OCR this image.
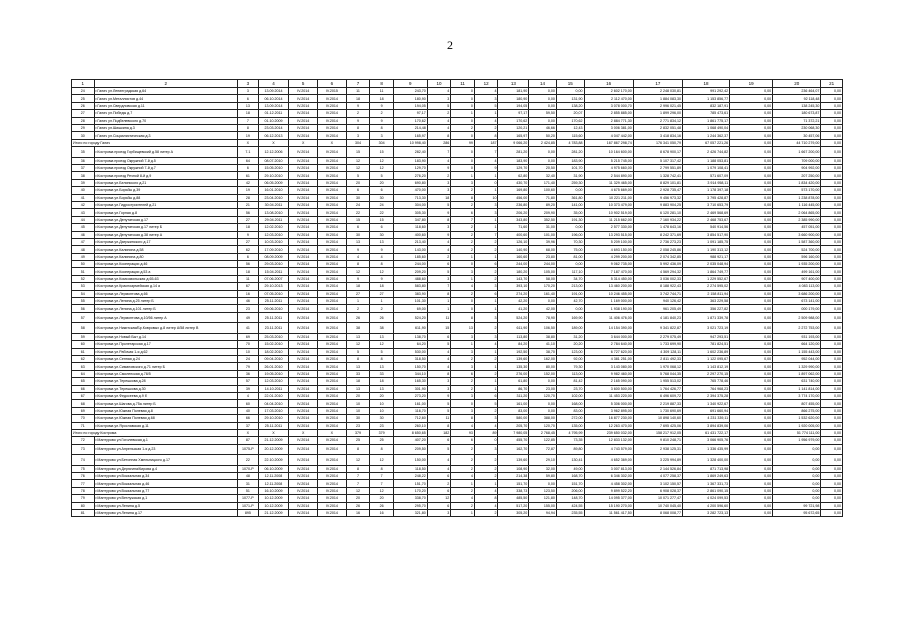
2
1	2	3	4	5	6	7	8	9	10	11	12	13	14	15	16	17	18	19	20	21
24	г.Галич ул.Ленинградская д.64	3	13.09.2014	IV.2014	IV.2015	11	11	243,70	4	0	4	181,90	0,00	0,00	2 602 170,00	2 248 030,81	991 292,42	0,00	236 464,07	0,00
25	г.Галич ул.Металлистов д.44	6	06.10.2014	IV.2014	IV.2014	18	18	180,90	3	0	3	180,90	0,00	131,90	2 112 470,00	1 884 083,30	1 153 856,77	0,00	92 118,48	0,00
26	г.Галич ул.Свердловская д.11	13	13.09.2014	IV.2014	IV.2014	9	9	194,05	5	0	5	194,05	0,00	138,20	3 078 000,70	2 996 021,45	832 187,91	0,00	138 245,30	0,00
27	г.Галич ул.Победы д.7	18	01.12.2011	IV.2014	IV.2014	2	2	97,17	2	1	1	97,17	59,50	20,07	2 855 885,00	1 899 296,00	785 473,61	0,00	180 673,87	0,00
28	г.Галич ул.Подбелевского д.70	7	01.10.2009	IV.2014	IV.2014	9	9	170,62	4	0	4	170,62	0,00	170,62	2 884 771,30	2 771 834,12	1 861 775,17	0,00	71 372,21	0,00
29	г.Галич ул.Шишкина д.3	8	23.03.2014	IV.2014	IV.2014	8	8	214,48	4	2	2	120,21	46,66	12,43	3 006 381,00	2 832 051,48	1 068 490,04	0,00	230 068,30	0,00
30	г.Галич ул.Социалистическая д.3	19	06.12.2013	IV.2014	IV.2014	3	3	165,97	8	0	8	165,97	50,20	115,60	4 047 442,00	3 418 834,16	1 244 362,37	0,00	30 457,06	0,00
Итого по городу Галич		X	X	X	X	304	304	10 998,40	286	99	187	9 066,20	2 424,85	4 783,88	167 867 298,74	176 341 050,79	67 057 221,26	0,00	44 710 279,00	0,00
35	г.Кострома проезд Горбищевский д.58 литер А	7.1	12.12.2006	IV.2014	IV.2014	15	15	282,40	7	0	7	281,20	0,00	281,20	10 164 600,00	8 678 900,17	2 426 744,82	0,00	1 667 200,00	0,00
36	г.Кострома проезд Окружной 7-й д.5	64	08.07.2010	IV.2014	IV.2014	12	12	183,90	4	0	4	183,90	0,00	183,90	5 215 745,00	5 107 317,42	1 188 053,81	0,00	709 000,00	0,00
37	г.Кострома проезд Окружной 7-й д.7	6	15.05.2010	IV.2014	IV.2014	12	12	129,70	9	0	9	129,70	20,50	101,70	4 975 660,00	2 799 551,89	1 079 108,41	0,00	904 992,00	0,00
38	г.Кострома проезд Речной 8-й д.9	61	29.10.2010	IV.2014	IV.2014	5	5	276,20	2	1	1	62,80	32,40	31,90	2 544 890,00	1 328 742,41	571 607,09	0,00	207 250,00	0,00
39	г.Кострома ул.Белинского д.21	42	06.05.2009	IV.2014	IV.2014	20	20	690,80	3	3	0	430,70	171,40	259,30	11 329 465,00	8 829 101,81	3 914 958,11	0,00	1 834 420,00	0,00
40	г.Кострома ул.Борьбы д.39	19	16.01.2010	IV.2014	IV.2014	6	6	470,00	3	2	1	169,80	100,60	0,00	4 675 669,00	2 928 735,47	1 178 397,18	0,00	573 170,00	0,00
41	г.Кострома ул.Борьбы д.88	28	23.04.2010	IV.2014	IV.2014	30	30	713,30	18	8	10	456,00	71,80	361,80	10 221 211,00	9 456 973,32	3 795 428,87	0,00	1 238 878,00	0,00
42	г.Кострома ул.Гидростроителей д.21	21	30.04.2011	IV.2014	IV.2014	24	24	304,00	5	2	3	236,80	89,20	141,00	10 373 479,00	9 883 904,25	3 710 653,79	0,00	1 116 445,00	0,00
43	г.Кострома ул.Горная д.8	56	13.08.2010	IV.2014	IV.2014	22	22	305,30	9	6	3	206,20	209,90	35,00	10 902 519,00	6 120 281,10	2 469 568,69	0,00	2 064 865,00	0,00
44	г.Кострома ул.Депутатская д.17	27	29.04.2011	IV.2014	IV.2014	15	15	347,80	8	7	1	343,80	352,50	191,30	11 215 662,00	7 160 934,22	2 468 753,67	0,00	2 385 990,00	0,00
45	г.Кострома ул.Депутатская д.17 литер Б	18	12.02.2010	IV.2014	IV.2014	6	6	118,60	3	2	1	71,60	31,00	0,00	2 577 330,00	1 478 643,16	540 914,56	0,00	457 051,00	0,00
46	г.Кострома ул.Депутатская д.38 литер А	9	12.03.2010	IV.2014	IV.2014	30	30	400,60	9	2	7	400,60	101,00	196,00	13 293 515,00	8 242 371,69	3 854 517,90	0,00	3 660 900,00	0,00
47	г.Кострома ул.Дзержинского д.17	27	10.03.2010	IV.2014	IV.2014	13	13	213,40	4	2	2	126,10	39,96	70,30	5 209 100,00	2 736 273,23	1 091 185,75	0,00	1 587 360,00	0,00
48	г.Кострома ул.Калинина д.58	62	17.09.2010	IV.2014	IV.2014	9	9	143,00	4	2	2	140,90	68,00	75,00	4 693 150,00	2 058 245,86	1 190 313,12	0,00	524 700,00	0,00
49	г.Кострома ул.Калинина д.80	6	08.09.2009	IV.2014	IV.2014	4	4	185,60	2	1	1	160,60	23,80	81,00	4 299 200,00	2 074 342,85	988 921,17	0,00	596 160,00	0,00
50	г.Кострома ул.Кооперации д.46	56	29.03.2010	IV.2014	IV.2014	8	8	244,00	6	0	6	244,00	244,00	0,00	9 062 735,00	5 992 436,09	2 035 048,94	0,00	1 935 200,00	0,00
51	г.Кострома ул.Кооперации д.53 а	18	15.04.2011	IV.2014	IV.2014	12	12	209,20	5	3	2	180,20	105,00	117,10	7 187 470,00	4 569 294,32	1 864 749,77	0,00	499 161,00	0,00
52	г.Кострома ул.Комсомольская д.65-63	11	07.06.2007	IV.2014	IV.2014	9	9	488,60	3	1	2	143,70	58,00	34,70	5 314 450,00	3 036 002,33	1 229 552,67	0,00	907 400,00	0,00
53	г.Кострома ул.Красноармейская д.14 а	67	29.10.2013	IV.2014	IV.2014	18	18	583,80	7	4	3	393,10	170,20	213,00	13 460 200,00	8 188 922,43	2 274 595,02	0,00	4 083 113,00	0,00
54	г.Кострома ул.Лермонтова д.66	16	07.05.2010	IV.2014	IV.2014	27	27	383,90	8	2	6	274,20	161,40	191,00	10 246 455,00	3 742 744,71	2 158 811,94	0,00	3 686 200,00	0,00
55	г.Кострома ул.Ленина д.25 литер Б	46	25.11.2011	IV.2014	IV.2014	1	1	101,30	1	0	1	42,20	0,00	42,70	1 169 000,00	940 126,42	363 229,58	0,00	673 141,00	0,00
56	г.Кострома ул.Ленина д.101 литер Б	23	09.06.2010	IV.2014	IV.2014	2	2	69,00	1	0	1	41,20	42,00	0,00	1 938 190,00	961 205,49	356 227,82	0,00	000 179,00	0,00
57	г.Кострома ул.Лермонтова д.10/56 литер А	49	25.11.2011	IV.2014	IV.2014	26	26	524,20	11	8	3	524,20	78,90	169,90	11 406 476,00	4 181 840,23	1 871 339,78	0,00	2 509 988,00	0,00
58	г.Кострома ул.Никитская/Бр.Ковровых д.8 литер А/58 литер В	41	23.11.2011	IV.2014	IV.2014	38	38	611,90	15	13	2	611,90	106,50	189,00	14 154 390,00	9 341 822,87	3 021 723,19	0,00	2 272 753,00	0,00
59	г.Кострома ул.Новый Быт д.14	69	25.03.2010	IV.2014	IV.2014	13	13	138,70	6	3	3	113,80	38,80	31,20	3 644 000,00	2 279 075,49	947 293,51	0,00	931 193,00	0,00
60	г.Кострома ул.Пролетарская д.17	70	15.02.2010	IV.2014	IV.2014	12	12	64,20	5	1	4	84,20	41,10	20,20	2 784 640,00	1 733 699,90	781 824,51	0,00	664 120,00	0,00
61	г.Кострома ул.Рабочая 1-я д.62	10	18.02.2010	IV.2014	IV.2014	5	5	530,00	4	3	1	192,50	38,70	123,00	6 727 620,00	4 309 128,11	1 602 236,89	0,00	1 155 443,00	0,00
62	г.Кострома ул.Сенная д.24	24	09.04.2010	IV.2014	IV.2014	8	8	318,50	4	2	2	139,60	162,00	92,00	4 381 251,00	2 811 492,33	1 122 095,67	0,00	952 044,00	0,00
63	г.Кострома ул.Симановского д.71 литер Б	79	26.01.2010	IV.2014	IV.2014	13	13	150,70	4	3	1	135,30	80,00	79,30	3 143 080,00	1 970 068,12	1 143 812,19	0,00	1 329 990,00	0,00
64	г.Кострома ул.Смоленская д.78/5	36	19.05.2010	IV.2014	IV.2014	33	33	344,10	8	6	2	276,00	152,00	113,00	9 982 460,00	5 768 044,35	2 297 270,15	0,00	1 897 062,00	0,00
65	г.Кострома ул.Терешкова д.28	57	12.03.2010	IV.2014	IV.2014	18	18	165,30	3	2	1	61,80	0,00	81,42	2 165 090,00	1 955 513,02	765 778,46	0,00	631 740,00	0,00
66	г.Кострома ул.Терешкова д.30	39	14.10.2011	IV.2014	IV.2014	13	13	301,90	3	2	1	86,70	23,00	23,70	3 600 500,00	1 764 426,77	764 968,23	0,00	1 141 814,00	0,00
67	г.Кострома ул.Федосеева д.9 б	4	22.01.2010	IV.2014	IV.2014	20	20	273,20	9	3	6	311,20	120,70	102,00	11 453 220,00	6 496 609,72	2 394 375,28	0,00	3 774 170,00	0,00
68	г.Кострома ул.Шагова д.75а литер Б	60	04.04.2010	IV.2014	IV.2014	10	10	161,00	5	0	5	161,00	0,00	168,00	5 306 000,00	2 219 887,33	1 340 922,67	0,00	807 455,00	0,00
69	г.Кострома ул.Южная Полевая д.8	40	17.03.2010	IV.2014	IV.2014	10	10	116,70	5	3	2	83,00	0,00	83,00	3 962 895,00	1 730 690,69	691 660,94	0,00	866 275,00	0,00
70	г.Кострома ул.Южная Полевая д.68	66	29.10.2010	IV.2014	IV.2014	30	30	712,60	11	8	3	580,00	388,00	272,00	16 877 230,00	10 898 140,60	4 231 339,11	0,00	1 532 620,00	0,00
71	г.Кострома ул.Ярославская д.11	37	25.11.2011	IV.2014	IV.2014	23	23	260,10	8	4	4	205,70	120,70	135,00	12 263 470,00	7 695 425,06	3 894 839,06	0,00	1 920 005,00	0,00
Итого по городу Кострома		X	X	X	X	379	379	8 650,65	182	93	89	7 980,05	2 768,45	4 795,99	239 650 032,00	158 217 912,05	61 431 722,17	0,00	51 774 111,00	0,00
72	г.Мантурово ул.Гоголевская д.1	87	21.12.2009	IV.2014	IV.2014	25	25	407,20	6	6	0	455,70	122,85	73,35	12 833 132,00	9 810 248,71	3 066 905,76	0,00	1 956 979,00	0,00
73	г.Мантурово ул.Апрельская 1-я д.23	1075-Р	20.12.2009	IV.2014	IV.2014	8	8	209,50	5	2	3	162,70	72,87	89,80	4 743 579,00	2 938 125,31	1 336 435,99	0,00	0,00	0,00
74	г.Мантурово ул.Бетонная Хмельницкого д.17	22	22.10.2009	IV.2014	IV.2014	12	12	150,00	4	2	2	139,60	29,10	130,41	4 652 369,00	3 225 994,89	1 328 400,00	0,00	0,00	0,00
75	г.Мантурово ул.Дерюгина/Кирова д.4	1070-Р	06.10.2009	IV.2014	IV.2014	8	8	118,50	4	2	2	108,90	32,00	49,00	3 007 813,00	2 144 526,84	871 713,98	0,00	0,00	0,00
76	г.Мантурово ул.Вокзальная д.34	48	12.11.2008	IV.2014	IV.2014	7	7	248,22	6	4	2	214,38	59,80	168,70	6 346 302,00	4 077 258,37	1 869 249,63	0,00	0,00	0,00
77	г.Мантурово ул.Вокзальная д.46	31	12.11.2008	IV.2014	IV.2014	7	7	151,70	2	1	1	151,70	0,00	151,70	4 458 302,00	3 102 150,57	1 367 331,73	0,00	0,00	0,00
78	г.Мантурово ул.Вокзальная д.77	51	16.10.2009	IV.2014	IV.2014	12	12	170,20	6	2	4	338,73	123,50	206,00	9 899 522,20	6 908 028,37	2 861 090,15	0,00	0,00	0,00
79	г.Мантурово ул.Ветлужская д.1	1077-Р	10.12.2009	IV.2014	IV.2014	20	20	338,70	12	4	8	485,50	121,80	148,70	14 095 377,00	10 071 277,47	4 024 099,53	0,00	0,00	0,00
80	г.Мантурово ул.Ленина д.5	1071-Р	10.12.2009	IV.2014	IV.2014	26	26	295,70	6	2	4	517,20	155,00	424,55	15 190 270,00	10 740 045,40	4 200 596,60	0,00	99 721,98	0,00
81	г.Мантурово ул.Ленина д.17	895	21.12.2009	IV.2014	IV.2014	16	16	321,80	3	1	2	305,20	94,94	235,55	11 561 417,50	8 068 008,77	3 282 723,13	0,00	95 672,65	0,00
